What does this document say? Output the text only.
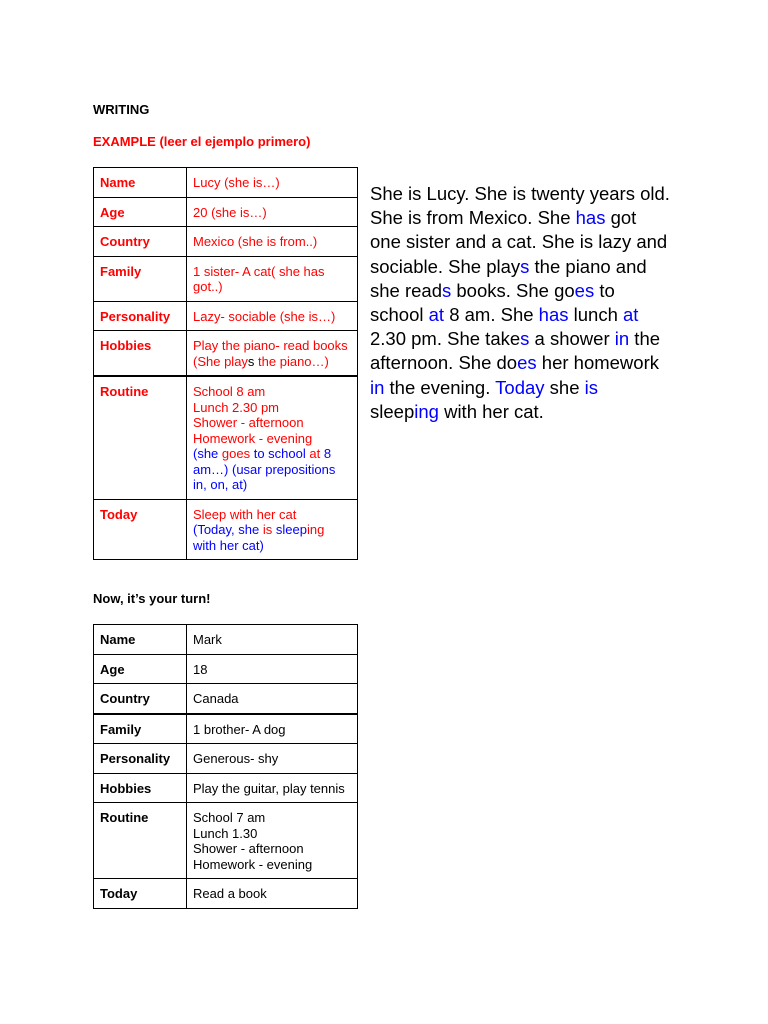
WRITING
EXAMPLE (leer el ejemplo primero)
Name	Lucy (she is…)
Age	20 (she is…)
Country	Mexico (she is from..)
Family	1 sister- A cat( she has got..)
Personality	Lazy- sociable (she is…)
Hobbies	Play the piano- read books (She plays the piano…)
Routine	School 8 am
Lunch 2.30 pm
Shower - afternoon
Homework - evening
(she goes to school at 8 am…) (usar prepositions in, on, at)

Today	Sleep with her cat
(Today, she is sleeping with her cat)

She is Lucy. She is twenty years old. She is from Mexico. She has got one sister and a cat. She is lazy and sociable. She plays the piano and she reads books. She goes to school at 8 am. She has lunch at 2.30 pm. She takes a shower in the afternoon. She does her homework in the evening. Today she is sleeping with her cat.

Now, it’s your turn!
Name	Mark
Age	18
Country	Canada
Family	1 brother- A dog
Personality	Generous- shy
Hobbies	Play the guitar, play tennis
Routine	School 7 am
Lunch 1.30
Shower - afternoon
Homework - evening

Today	Read a book
